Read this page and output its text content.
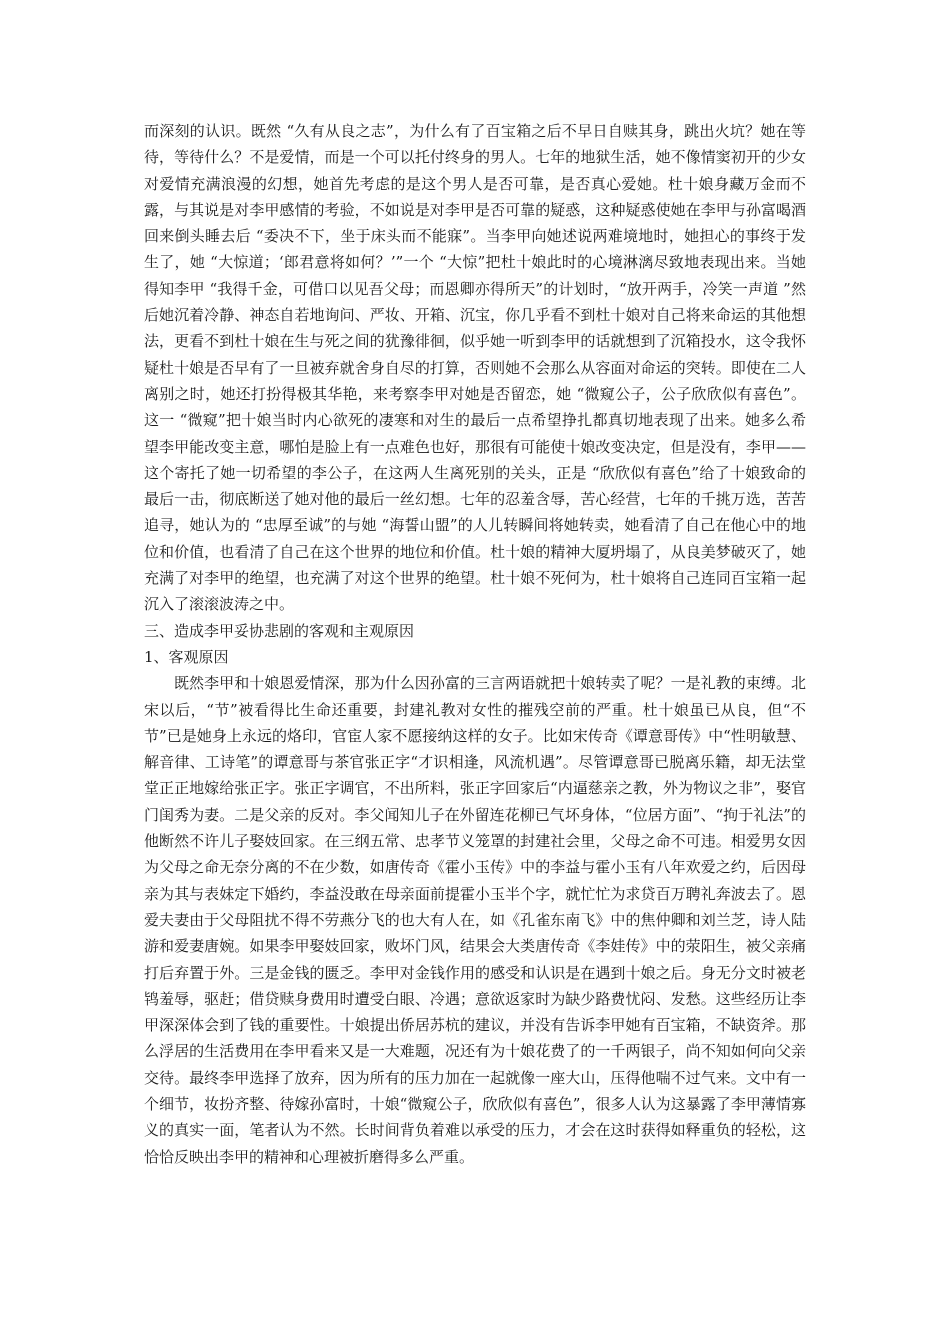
而深刻的认识。既然 “久有从良之志”，为什么有了百宝箱之后不早日自赎其身，跳出火坑？她在等待，等待什么？不是爱情，而是一个可以托付终身的男人。七年的地狱生活，她不像情窦初开的少女对爱情充满浪漫的幻想，她首先考虑的是这个男人是否可靠，是否真心爱她。杜十娘身藏万金而不露，与其说是对李甲感情的考验，不如说是对李甲是否可靠的疑惑，这种疑惑使她在李甲与孙富喝酒回来倒头睡去后 “委决不下，坐于床头而不能寐”。当李甲向她述说两难境地时，她担心的事终于发生了，她 “大惊道；‘郎君意将如何？’”一个 “大惊”把杜十娘此时的心境淋漓尽致地表现出来。当她得知李甲 “我得千金，可借口以见吾父母；而恩卿亦得所天”的计划时，“放开两手，冷笑一声道 ”然后她沉着冷静、神态自若地询问、严妆、开箱、沉宝，你几乎看不到杜十娘对自己将来命运的其他想法，更看不到杜十娘在生与死之间的犹豫徘徊，似乎她一听到李甲的话就想到了沉箱投水，这令我怀疑杜十娘是否早有了一旦被弃就舍身自尽的打算，否则她不会那么从容面对命运的突转。即使在二人离别之时，她还打扮得极其华艳，来考察李甲对她是否留恋，她 “微窥公子，公子欣欣似有喜色”。这一 “微窥”把十娘当时内心欲死的凄寒和对生的最后一点希望挣扎都真切地表现了出来。她多么希望李甲能改变主意，哪怕是脸上有一点难色也好，那很有可能使十娘改变决定，但是没有，李甲—— 这个寄托了她一切希望的李公子，在这两人生离死别的关头，正是 “欣欣似有喜色”给了十娘致命的最后一击，彻底断送了她对他的最后一丝幻想。七年的忍羞含辱，苦心经营，七年的千挑万选，苦苦追寻，她认为的 “忠厚至诚”的与她 “海誓山盟”的人儿转瞬间将她转卖，她看清了自己在他心中的地位和价值，也看清了自己在这个世界的地位和价值。杜十娘的精神大厦坍塌了，从良美梦破灭了，她充满了对李甲的绝望，也充满了对这个世界的绝望。杜十娘不死何为，杜十娘将自己连同百宝箱一起沉入了滚滚波涛之中。

三、造成李甲妥协悲剧的客观和主观原因

1、客观原因

既然李甲和十娘恩爱情深，那为什么因孙富的三言两语就把十娘转卖了呢？一是礼教的束缚。北宋以后，“节”被看得比生命还重要，封建礼教对女性的摧残空前的严重。杜十娘虽已从良，但“不节”已是她身上永远的烙印，官宦人家不愿接纳这样的女子。比如宋传奇《谭意哥传》中“性明敏慧、解音律、工诗笔”的谭意哥与茶官张正字“才识相逢，风流机遇”。尽管谭意哥已脱离乐籍，却无法堂堂正正地嫁给张正字。张正字调官，不出所料，张正字回家后“内逼慈亲之教，外为物议之非”，娶官门闺秀为妻。二是父亲的反对。李父闻知儿子在外留连花柳已气坏身体，“位居方面”、“拘于礼法”的他断然不许儿子娶妓回家。在三纲五常、忠孝节义笼罩的封建社会里，父母之命不可违。相爱男女因为父母之命无奈分离的不在少数，如唐传奇《霍小玉传》中的李益与霍小玉有八年欢爱之约，后因母亲为其与表妹定下婚约，李益没敢在母亲面前提霍小玉半个字，就忙忙为求贷百万聘礼奔波去了。恩爱夫妻由于父母阻扰不得不劳燕分飞的也大有人在，如《孔雀东南飞》中的焦仲卿和刘兰芝，诗人陆游和爱妻唐婉。如果李甲娶妓回家，败坏门风，结果会大类唐传奇《李娃传》中的荥阳生，被父亲痛打后弃置于外。三是金钱的匮乏。李甲对金钱作用的感受和认识是在遇到十娘之后。身无分文时被老鸨羞辱，驱赶；借贷赎身费用时遭受白眼、冷遇；意欲返家时为缺少路费忧闷、发愁。这些经历让李甲深深体会到了钱的重要性。十娘提出侨居苏杭的建议，并没有告诉李甲她有百宝箱，不缺资斧。那么浮居的生活费用在李甲看来又是一大难题，况还有为十娘花费了的一千两银子，尚不知如何向父亲交待。最终李甲选择了放弃，因为所有的压力加在一起就像一座大山，压得他喘不过气来。文中有一个细节，妆扮齐整、待嫁孙富时，十娘“微窥公子，欣欣似有喜色”，很多人认为这暴露了李甲薄情寡义的真实一面，笔者认为不然。长时间背负着难以承受的压力，才会在这时获得如释重负的轻松，这恰恰反映出李甲的精神和心理被折磨得多么严重。
